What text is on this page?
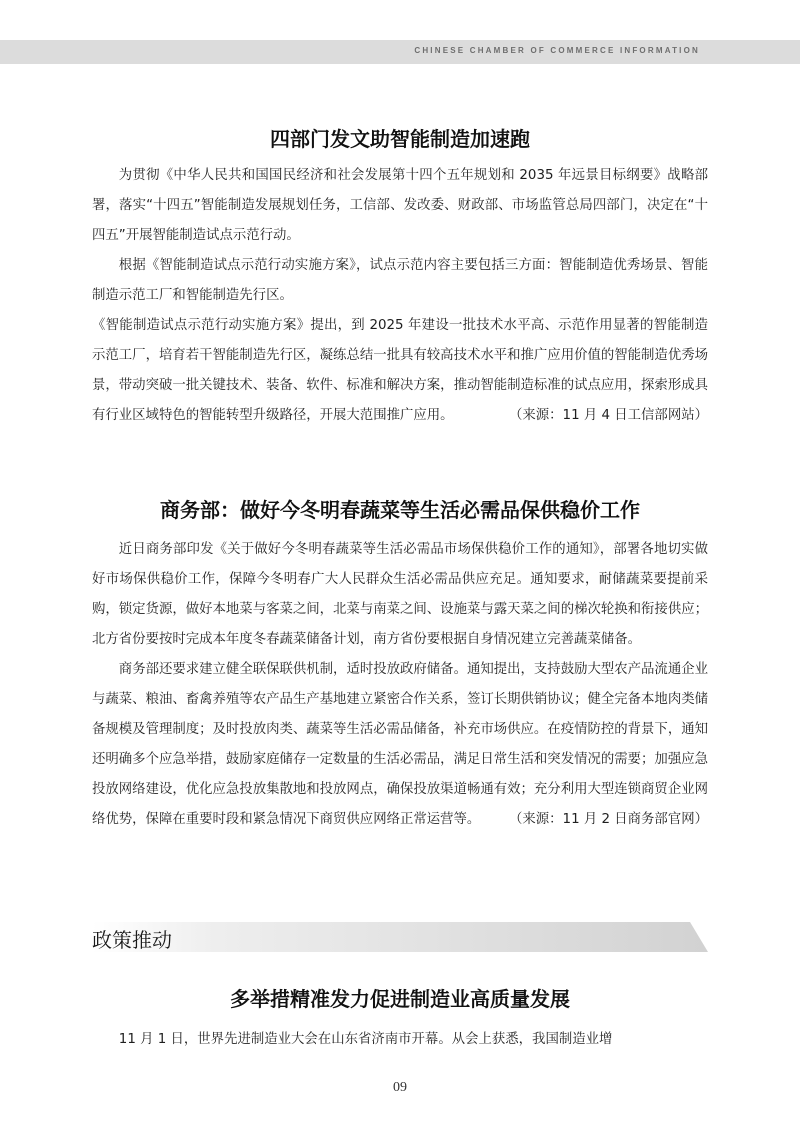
CHINESE CHAMBER OF COMMERCE INFORMATION
四部门发文助智能制造加速跑

为贯彻《中华人民共和国国民经济和社会发展第十四个五年规划和 2035 年远景目标纲要》战略部署，落实“十四五”智能制造发展规划任务，工信部、发改委、财政部、市场监管总局四部门，决定在“十四五”开展智能制造试点示范行动。

根据《智能制造试点示范行动实施方案》，试点示范内容主要包括三方面：智能制造优秀场景、智能制造示范工厂和智能制造先行区。

《智能制造试点示范行动实施方案》提出，到 2025 年建设一批技术水平高、示范作用显著的智能制造示范工厂，培育若干智能制造先行区，凝练总结一批具有较高技术水平和推广应用价值的智能制造优秀场景，带动突破一批关键技术、装备、软件、标准和解决方案，推动智能制造标准的试点应用，探索形成具有行业区域特色的智能转型升级路径，开展大范围推广应用。	（来源：11 月 4 日工信部网站）

商务部：做好今冬明春蔬菜等生活必需品保供稳价工作

近日商务部印发《关于做好今冬明春蔬菜等生活必需品市场保供稳价工作的通知》，部署各地切实做好市场保供稳价工作，保障今冬明春广大人民群众生活必需品供应充足。通知要求，耐储蔬菜要提前采购，锁定货源，做好本地菜与客菜之间，北菜与南菜之间、设施菜与露天菜之间的梯次轮换和衔接供应；北方省份要按时完成本年度冬春蔬菜储备计划，南方省份要根据自身情况建立完善蔬菜储备。

商务部还要求建立健全联保联供机制，适时投放政府储备。通知提出，支持鼓励大型农产品流通企业与蔬菜、粮油、畜禽养殖等农产品生产基地建立紧密合作关系，签订长期供销协议；健全完备本地肉类储备规模及管理制度；及时投放肉类、蔬菜等生活必需品储备，补充市场供应。在疫情防控的背景下，通知还明确多个应急举措，鼓励家庭储存一定数量的生活必需品，满足日常生活和突发情况的需要；加强应急投放网络建设，优化应急投放集散地和投放网点，确保投放渠道畅通有效；充分利用大型连锁商贸企业网络优势，保障在重要时段和紧急情况下商贸供应网络正常运营等。	（来源：11 月 2 日商务部官网）

政策推动
多举措精准发力促进制造业高质量发展

11 月 1 日，世界先进制造业大会在山东省济南市开幕。从会上获悉，我国制造业增

09
